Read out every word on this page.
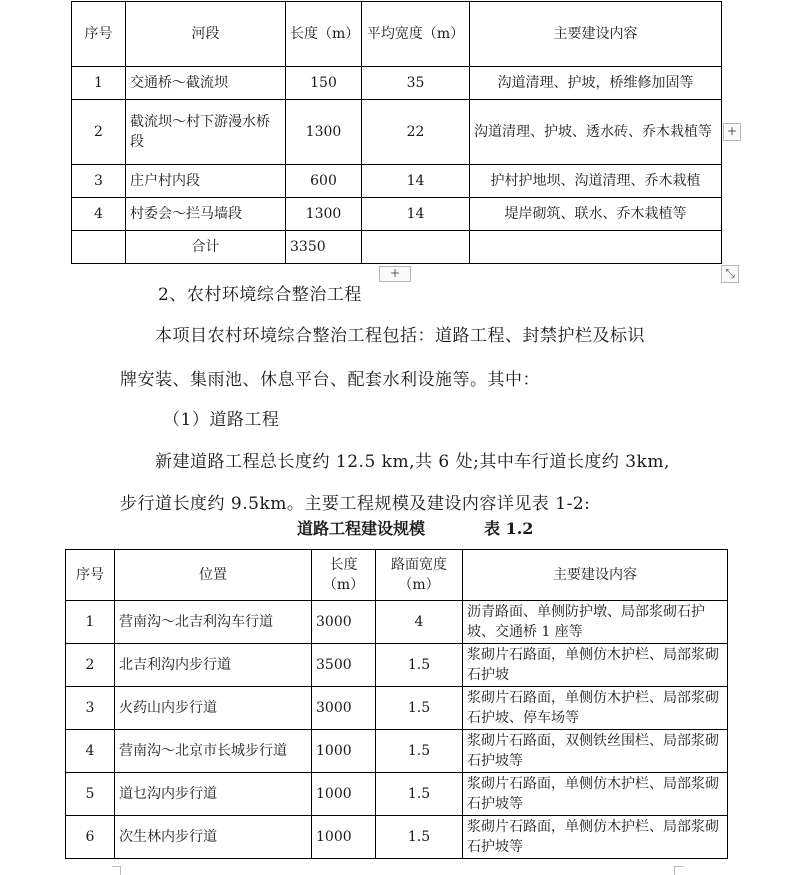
序号	河段	长度（m）	平均宽度（m）	主要建设内容
1	交通桥～截流坝	150	35	沟道清理、护坡，桥维修加固等
2	截流坝～村下游漫水桥段	1300	22	沟道清理、护坡、透水砖、乔木栽植等
3	庄户村内段	600	14	护村护地坝、沟道清理、乔木栽植
4	村委会～拦马墙段	1300	14	堤岸砌筑、联水、乔木栽植等
	合计	3350		
+
+	⤡
2、农村环境综合整治工程
本项目农村环境综合整治工程包括：道路工程、封禁护栏及标识
牌安装、集雨池、休息平台、配套水利设施等。其中：
（1）道路工程
新建道路工程总长度约 12.5 km,共 6 处;其中车行道长度约 3km,
步行道长度约 9.5km。主要工程规模及建设内容详见表 1-2:
道路工程建设规模	表 1.2
序号	位置	长度（m）	路面宽度（m）	主要建设内容
1	营南沟～北吉利沟车行道	3000	4	沥青路面、单侧防护墩、局部浆砌石护坡、交通桥 1 座等
2	北吉利沟内步行道	3500	1.5	浆砌片石路面，单侧仿木护栏、局部浆砌石护坡
3	火药山内步行道	3000	1.5	浆砌片石路面，单侧仿木护栏、局部浆砌石护坡、停车场等
4	营南沟～北京市长城步行道	1000	1.5	浆砌片石路面，双侧铁丝围栏、局部浆砌石护坡等
5	道乜沟内步行道	1000	1.5	浆砌片石路面，单侧仿木护栏、局部浆砌石护坡等
6	次生林内步行道	1000	1.5	浆砌片石路面，单侧仿木护栏、局部浆砌石护坡等
